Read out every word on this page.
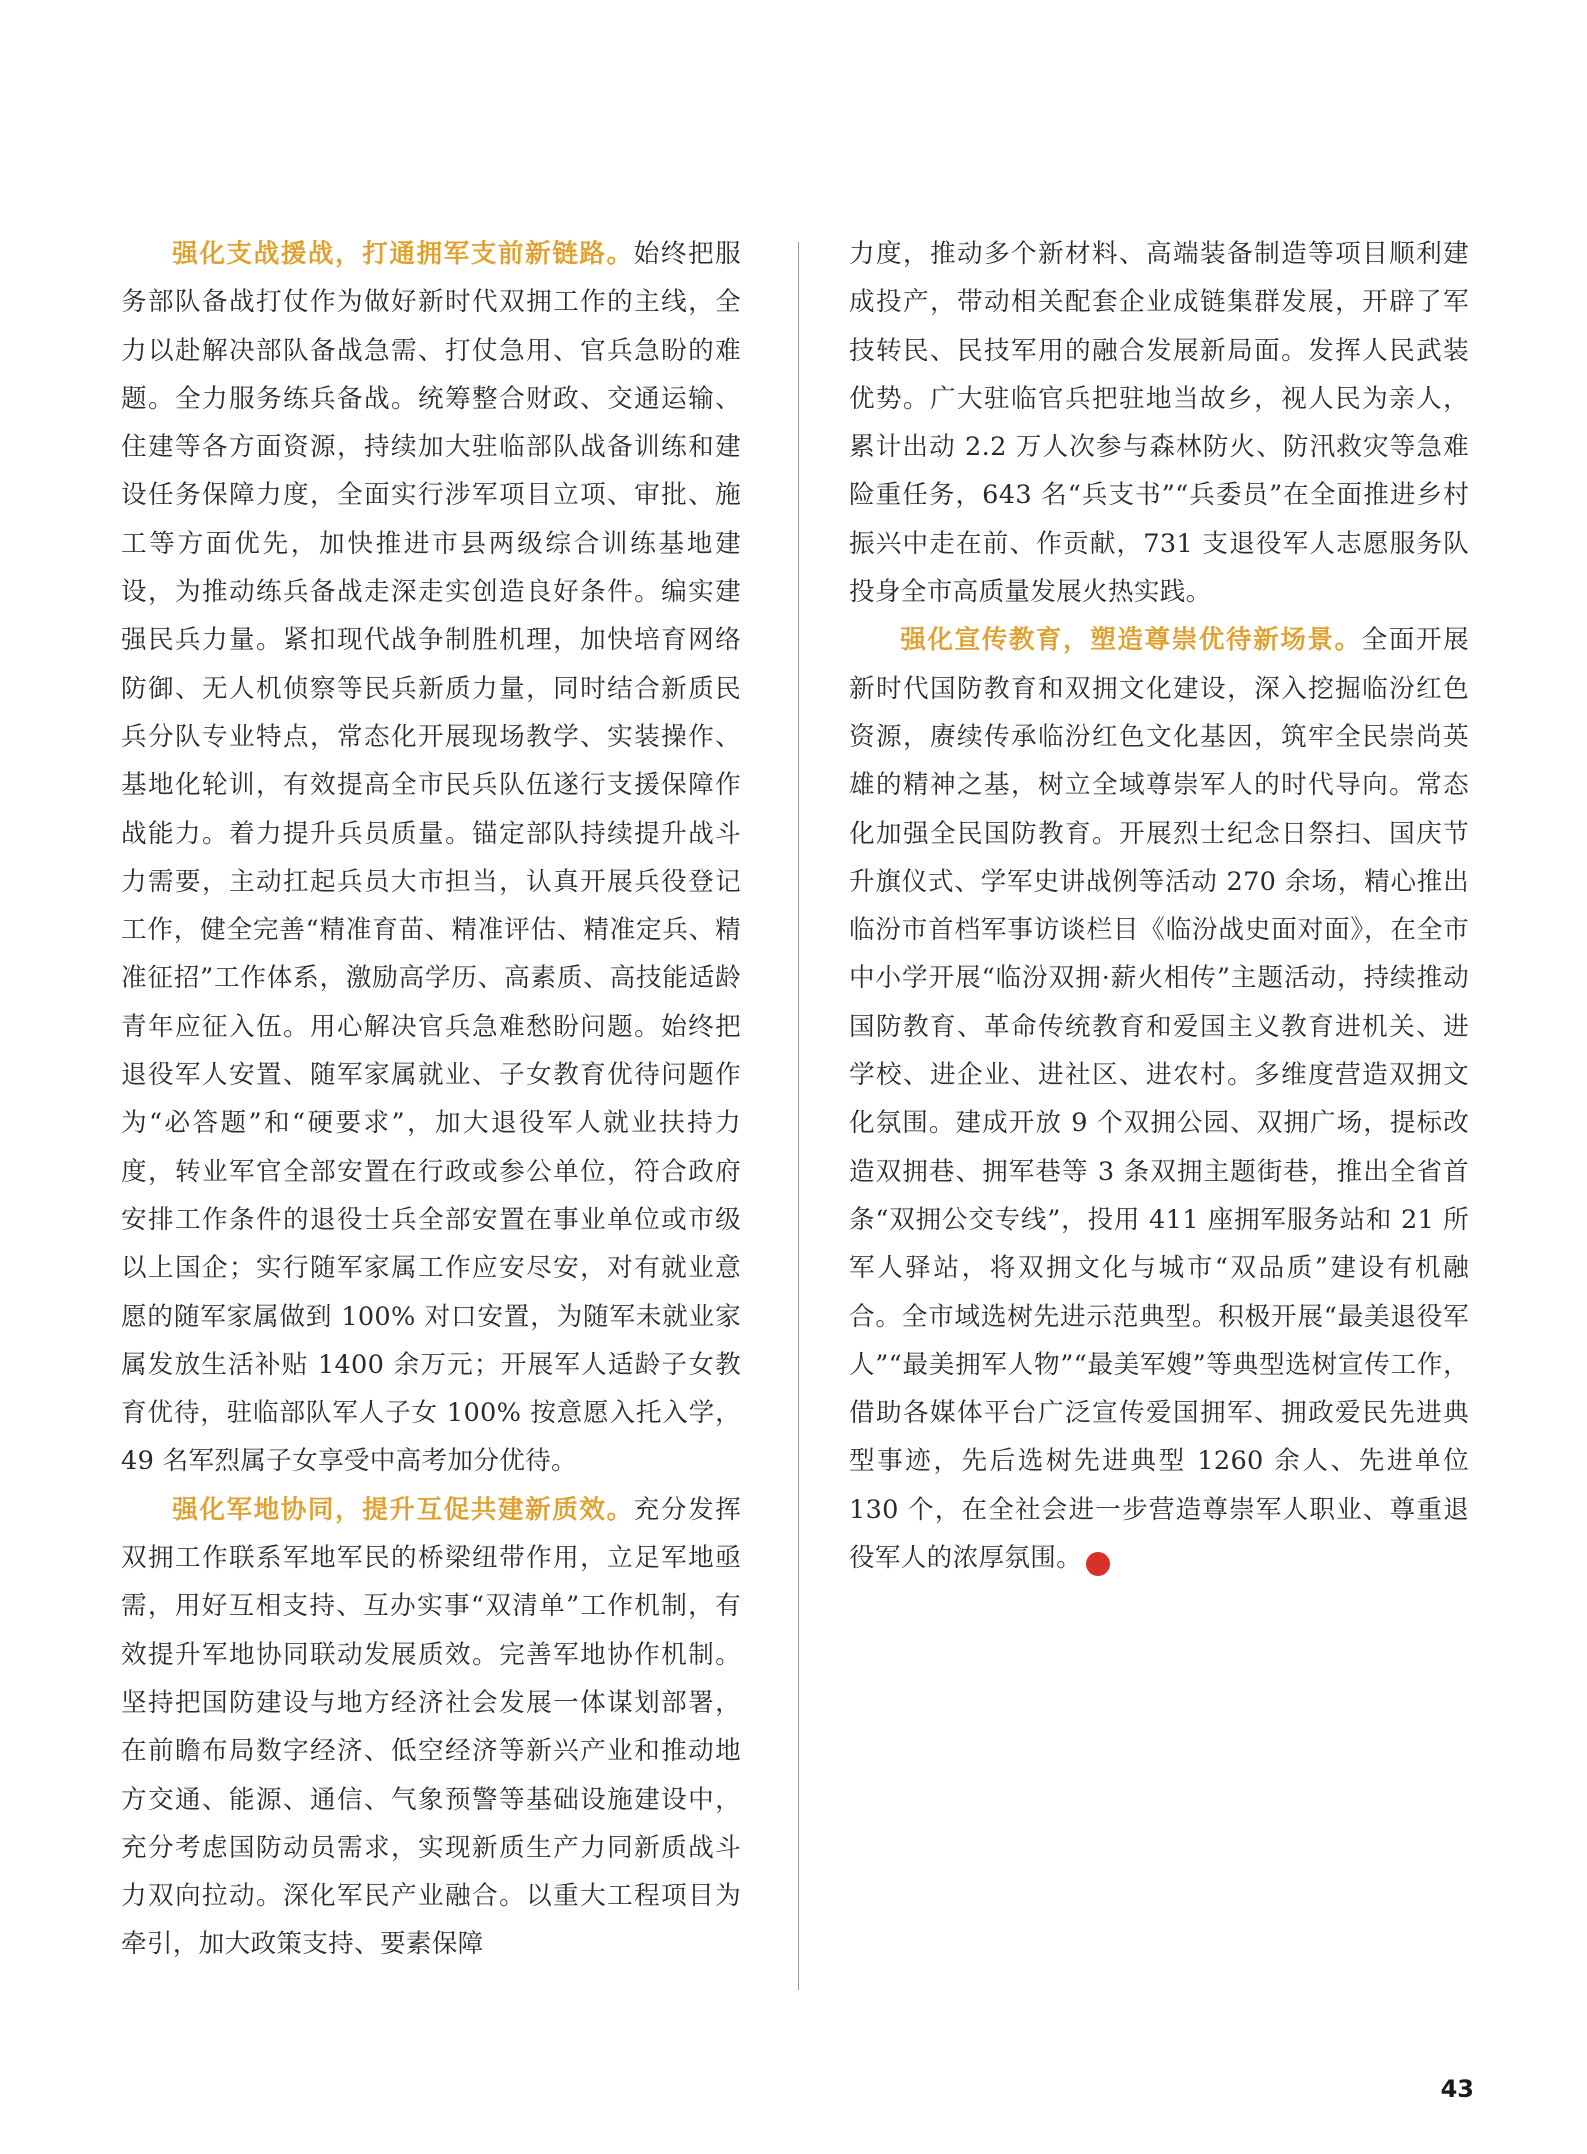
强化支战援战，打通拥军支前新链路。始终把服务部队备战打仗作为做好新时代双拥工作的主线，全力以赴解决部队备战急需、打仗急用、官兵急盼的难题。全力服务练兵备战。统筹整合财政、交通运输、住建等各方面资源，持续加大驻临部队战备训练和建设任务保障力度，全面实行涉军项目立项、审批、施工等方面优先，加快推进市县两级综合训练基地建设，为推动练兵备战走深走实创造良好条件。编实建强民兵力量。紧扣现代战争制胜机理，加快培育网络防御、无人机侦察等民兵新质力量，同时结合新质民兵分队专业特点，常态化开展现场教学、实装操作、基地化轮训，有效提高全市民兵队伍遂行支援保障作战能力。着力提升兵员质量。锚定部队持续提升战斗力需要，主动扛起兵员大市担当，认真开展兵役登记工作，健全完善“精准育苗、精准评估、精准定兵、精准征招”工作体系，激励高学历、高素质、高技能适龄青年应征入伍。用心解决官兵急难愁盼问题。始终把退役军人安置、随军家属就业、子女教育优待问题作为“必答题”和“硬要求”，加大退役军人就业扶持力度，转业军官全部安置在行政或参公单位，符合政府安排工作条件的退役士兵全部安置在事业单位或市级以上国企；实行随军家属工作应安尽安，对有就业意愿的随军家属做到 100% 对口安置，为随军未就业家属发放生活补贴 1400 余万元；开展军人适龄子女教育优待，驻临部队军人子女 100% 按意愿入托入学，49 名军烈属子女享受中高考加分优待。

强化军地协同，提升互促共建新质效。充分发挥双拥工作联系军地军民的桥梁纽带作用，立足军地亟需，用好互相支持、互办实事“双清单”工作机制，有效提升军地协同联动发展质效。完善军地协作机制。坚持把国防建设与地方经济社会发展一体谋划部署，在前瞻布局数字经济、低空经济等新兴产业和推动地方交通、能源、通信、气象预警等基础设施建设中，充分考虑国防动员需求，实现新质生产力同新质战斗力双向拉动。深化军民产业融合。以重大工程项目为牵引，加大政策支持、要素保障

力度，推动多个新材料、高端装备制造等项目顺利建成投产，带动相关配套企业成链集群发展，开辟了军技转民、民技军用的融合发展新局面。发挥人民武装优势。广大驻临官兵把驻地当故乡，视人民为亲人，累计出动 2.2 万人次参与森林防火、防汛救灾等急难险重任务，643 名“兵支书”“兵委员”在全面推进乡村振兴中走在前、作贡献，731 支退役军人志愿服务队投身全市高质量发展火热实践。

强化宣传教育，塑造尊崇优待新场景。全面开展新时代国防教育和双拥文化建设，深入挖掘临汾红色资源，赓续传承临汾红色文化基因，筑牢全民崇尚英雄的精神之基，树立全域尊崇军人的时代导向。常态化加强全民国防教育。开展烈士纪念日祭扫、国庆节升旗仪式、学军史讲战例等活动 270 余场，精心推出临汾市首档军事访谈栏目《临汾战史面对面》，在全市中小学开展“临汾双拥·薪火相传”主题活动，持续推动国防教育、革命传统教育和爱国主义教育进机关、进学校、进企业、进社区、进农村。多维度营造双拥文化氛围。建成开放 9 个双拥公园、双拥广场，提标改造双拥巷、拥军巷等 3 条双拥主题街巷，推出全省首条“双拥公交专线”，投用 411 座拥军服务站和 21 所军人驿站，将双拥文化与城市“双品质”建设有机融合。全市域选树先进示范典型。积极开展“最美退役军人”“最美拥军人物”“最美军嫂”等典型选树宣传工作，借助各媒体平台广泛宣传爱国拥军、拥政爱民先进典型事迹，先后选树先进典型 1260 余人、先进单位 130 个，在全社会进一步营造尊崇军人职业、尊重退役军人的浓厚氛围。	N

43
